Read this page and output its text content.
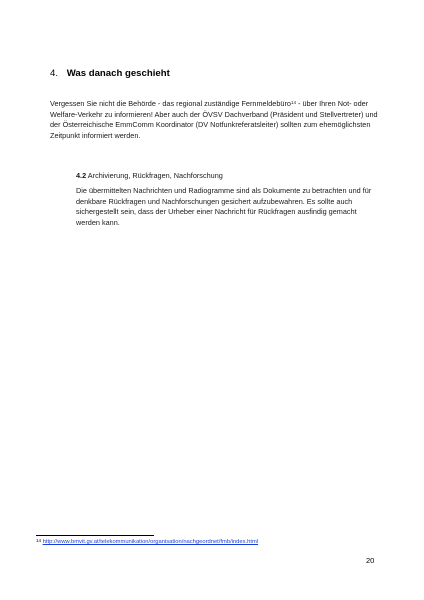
4. Was danach geschieht

Vergessen Sie nicht die Behörde - das regional zuständige Fernmeldebüro$^{14}$ - über Ihren Not- oder Welfare-Verkehr zu informieren! Aber auch der ÖVSV Dachverband (Präsident und Stellvertreter) und der Österreichische EmmComm Koordinator (DV Notfunkreferatsleiter) sollten zum ehemöglichsten Zeitpunkt informiert werden.

4.2 Archivierung, Rückfragen, Nachforschung
Die übermittelten Nachrichten und Radiogramme sind als Dokumente zu betrachten und für denkbare Rückfragen und Nachforschungen gesichert aufzubewahren. Es sollte auch sichergestellt sein, dass der Urheber einer Nachricht für Rückfragen ausfindig gemacht werden kann.
$^{14}$ http://www.bmvit.gv.at/telekommunikation/organisation/nachgeordnet/fmb/index.html
20
